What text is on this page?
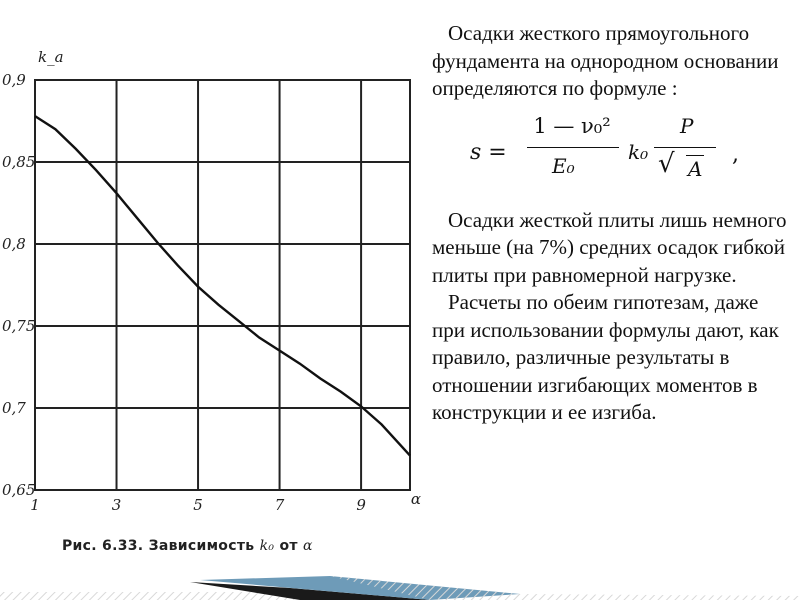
1	3	5	7	9	α
0,9
0,85
0,8
0,75
0,7
0,65
k_a
Рис. 6.33. Зависимость k₀ от α

Осадки жесткого прямоугольного фундамента на однородном основании определяются по формуле :

s =
1 — ν₀²
E₀
k₀
P
√ A
,

Осадки жесткой плиты лишь немного меньше (на 7%) средних осадок гибкой плиты при равномерной нагрузке.

Расчеты по обеим гипотезам, даже при использовании формулы дают, как правило, различные результаты в отношении изгибающих моментов в конструкции и ее изгиба.
